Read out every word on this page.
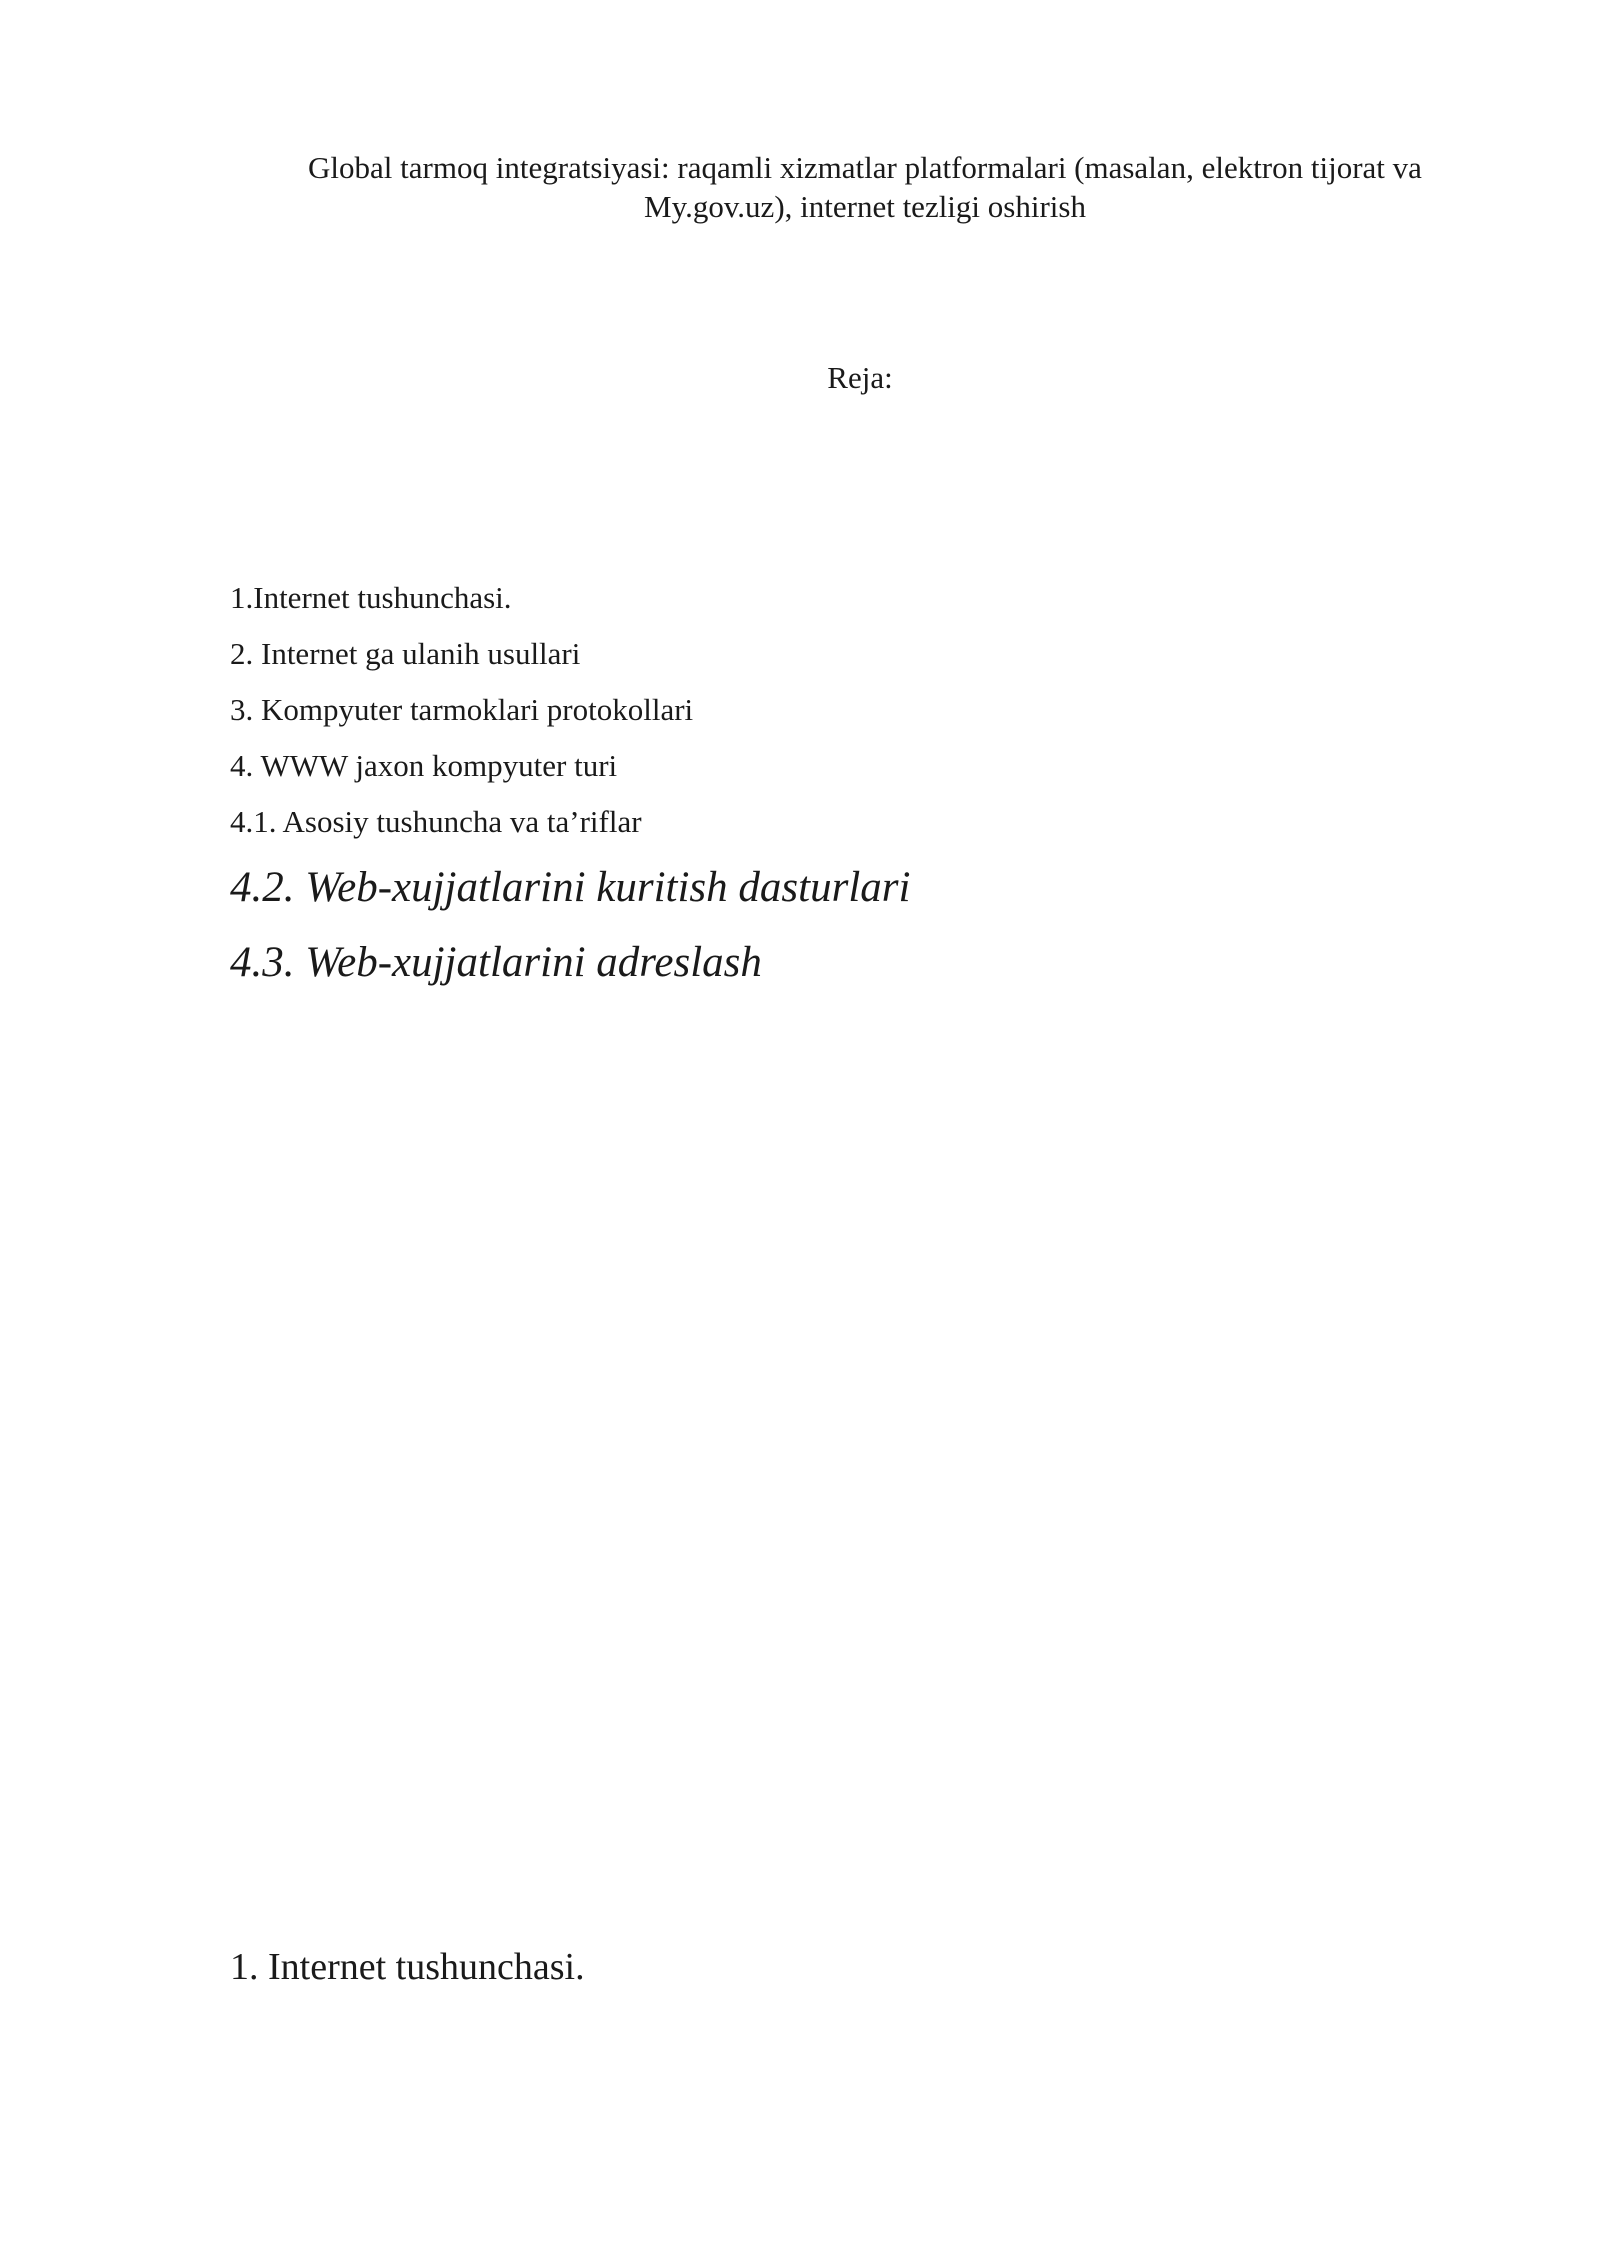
Global tarmoq integratsiyasi: raqamli xizmatlar platformalari (masalan, elektron tijorat va My.gov.uz), internet tezligi oshirish
Reja:
1.Internet tushunchasi.
2. Internet ga ulanih usullari
3. Kompyuter tarmoklari protokollari
4. WWW jaxon kompyuter turi
4.1. Asosiy tushuncha va ta’riflar
4.2. Web-xujjatlarini kuritish dasturlari
4.3. Web-xujjatlarini adreslash
1. Internet tushunchasi.
